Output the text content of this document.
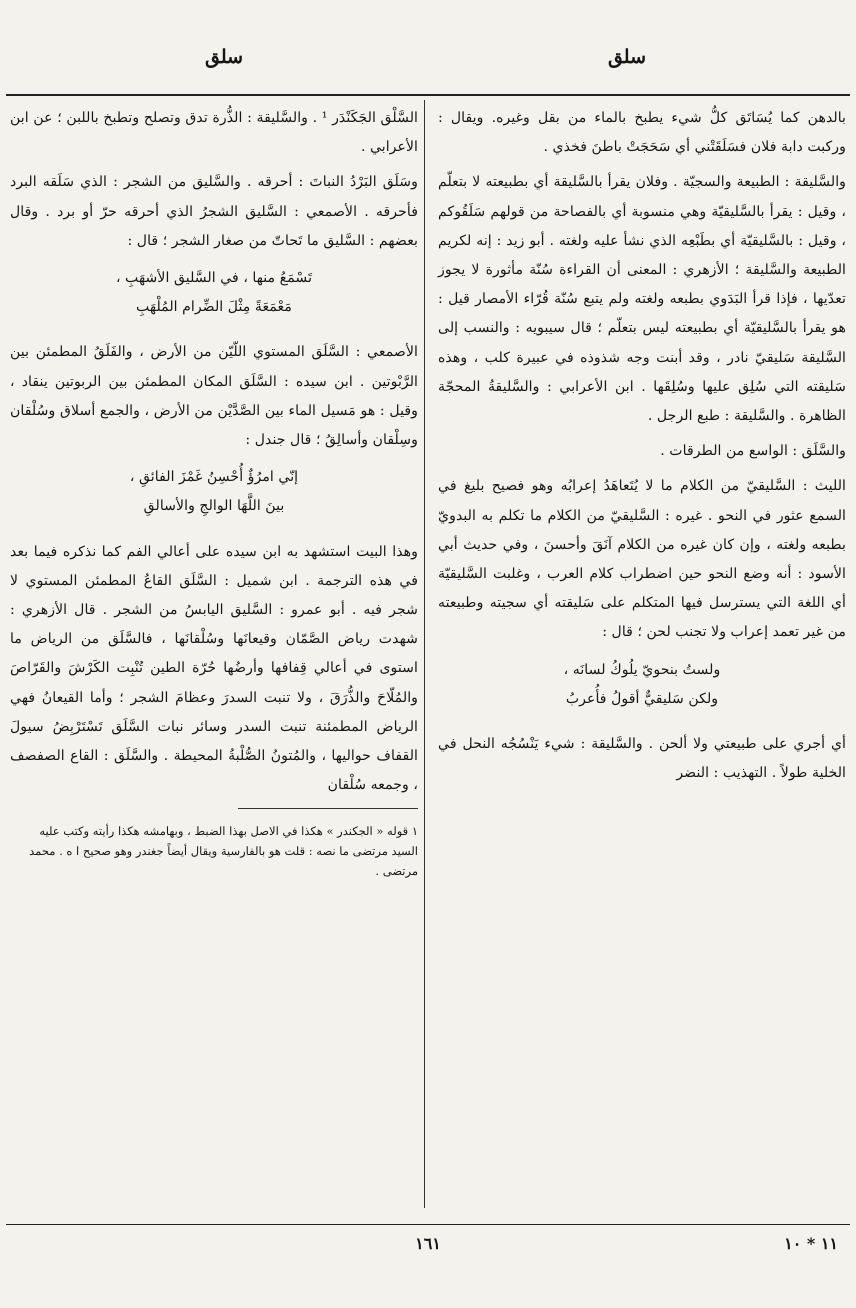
سلق
سلق

بالدهن كما يُسَاتَق كلُّ شيء يطبخ بالماء من بقل وغيره. ويقال : وركبت دابة فلان فسَلَقَتْني أي سَحَجَتْ باطنَ فخذي .

والسَّليقة : الطبيعة والسجيّة . وفلان يقرأ بالسَّليقة أي بطبيعته لا بتعلّم ، وقيل : يقرأ بالسَّليقيّة وهي منسوبة أي بالفصاحة من قولهم سَلَقُوكم ، وقيل : بالسَّليقيّة أي بطَبْعِه الذي نشأ عليه ولغته . أبو زيد : إنه لكريم الطبيعة والسَّليقة ؛ الأزهري : المعنى أن القراءة سُنّة مأثورة لا يجوز تعدّيها ، فإذا قرأ البَدَوي بطبعه ولغته ولم يتبع سُنّة قُرّاء الأمصار قيل : هو يقرأ بالسَّليقيّة أي بطبيعته ليس بتعلّم ؛ قال سيبويه : والنسب إلى السَّليقة سَليقيّ نادر ، وقد أبنت وجه شذوذه في عبيرة كلب ، وهذه سَليقته التي سُلِق عليها وسُلِقَها . ابن الأعرابي : والسَّليقةُ المحجّة الظاهرة . والسَّليقة : طبع الرجل .

والسَّلَق : الواسع من الطرقات .

الليث : السَّليقيّ من الكلام ما لا يُتَعاهَدُ إعرابُه وهو فصيح بليغ في السمع عثور في النحو . غيره : السَّليقيّ من الكلام ما تكلم به البدويّ بطبعه ولغته ، وإن كان غيره من الكلام آنَقَ وأحسنَ ، وفي حديث أبي الأسود : أنه وضع النحو حين اضطراب كلام العرب ، وغلبت السَّليقيّة أي اللغة التي يسترسل فيها المتكلم على سَليقته أي سجيته وطبيعته من غير تعمد إعراب ولا تجنب لحن ؛ قال :

ولستُ بنحويّ يلُوكُ لسانَه ،
ولكن سَليقيٌّ أقولُ فأُعربُ

أي أجري على طبيعتي ولا ألحن . والسَّليقة : شيء يَنْسُجُه النحل في الخلية طولاً . التهذيب : النضر

السَّلْق الجَكَنْدَر ¹ . والسَّليقة : الذُّرة تدق وتصلح وتطبخ باللبن ؛ عن ابن الأعرابي .

وسَلَق البَرْدُ النباتَ : أحرقه . والسَّليق من الشجر : الذي سَلَقه البرد فأحرقه . الأصمعي : السَّليق الشجرُ الذي أحرقه حرّ أو برد . وقال بعضهم : السَّليق ما تَحاتّ من صغار الشجر ؛ قال :

تَسْمَعُ منها ، في السَّليق الأشهَبِ ،
مَعْمَعَةً مِثْلَ الضِّرام المُلْهَبِ

الأصمعي : السَّلَق المستوي اللّيّن من الأرض ، والفَلَقُ المطمئن بين الرَّبْوتين . ابن سيده : السَّلَق المكان المطمئن بين الربوتين ينقاد ، وقيل : هو مَسيل الماء بين الصَّدَّيْن من الأرض ، والجمع أسلاق وسُلْقان وسِلْقان وأسالِقُ ؛ قال جندل :

إنّي امرُؤٌ أُحْسِنُ غَمْزَ الفائقِ ،
بينَ اللَّهَا الوالجِ والأسالقِ

وهذا البيت استشهد به ابن سيده على أعالي الفم كما نذكره فيما بعد في هذه الترجمة . ابن شميل : السَّلَق القاعُ المطمئن المستوي لا شجر فيه . أبو عمرو : السَّليق اليابسُ من الشجر . قال الأزهري : شهدت رياض الصَّمّان وقيعانَها وسُلْقانَها ، فالسَّلَق من الرياض ما استوى في أعالي قِفافها وأرضُها حُرّة الطين تُنْبِت الكَرْشَ والقَرّاصَ والمُلّاحَ والذُّرَقَ ، ولا تنبت السدرَ وعظامَ الشجر ؛ وأما القيعانُ فهي الرياض المطمئنة تنبت السدر وسائر نبات السَّلَق تَسْتَرْبِضُ سيولَ القفاف حواليها ، والمُتونُ الصُّلْبةُ المحيطة . والسَّلَق : القاع الصفصف ، وجمعه سُلْقان

١ قوله « الجكندر » هكذا في الاصل بهذا الضبط ، وبهامشه هكذا رأيته وكتب عليه السيد مرتضى ما نصه : قلت هو بالفارسية ويقال أيضاً جغندر وهو صحيح ا ه . محمد مرتضى .

١٦١	١١ * ١٠
